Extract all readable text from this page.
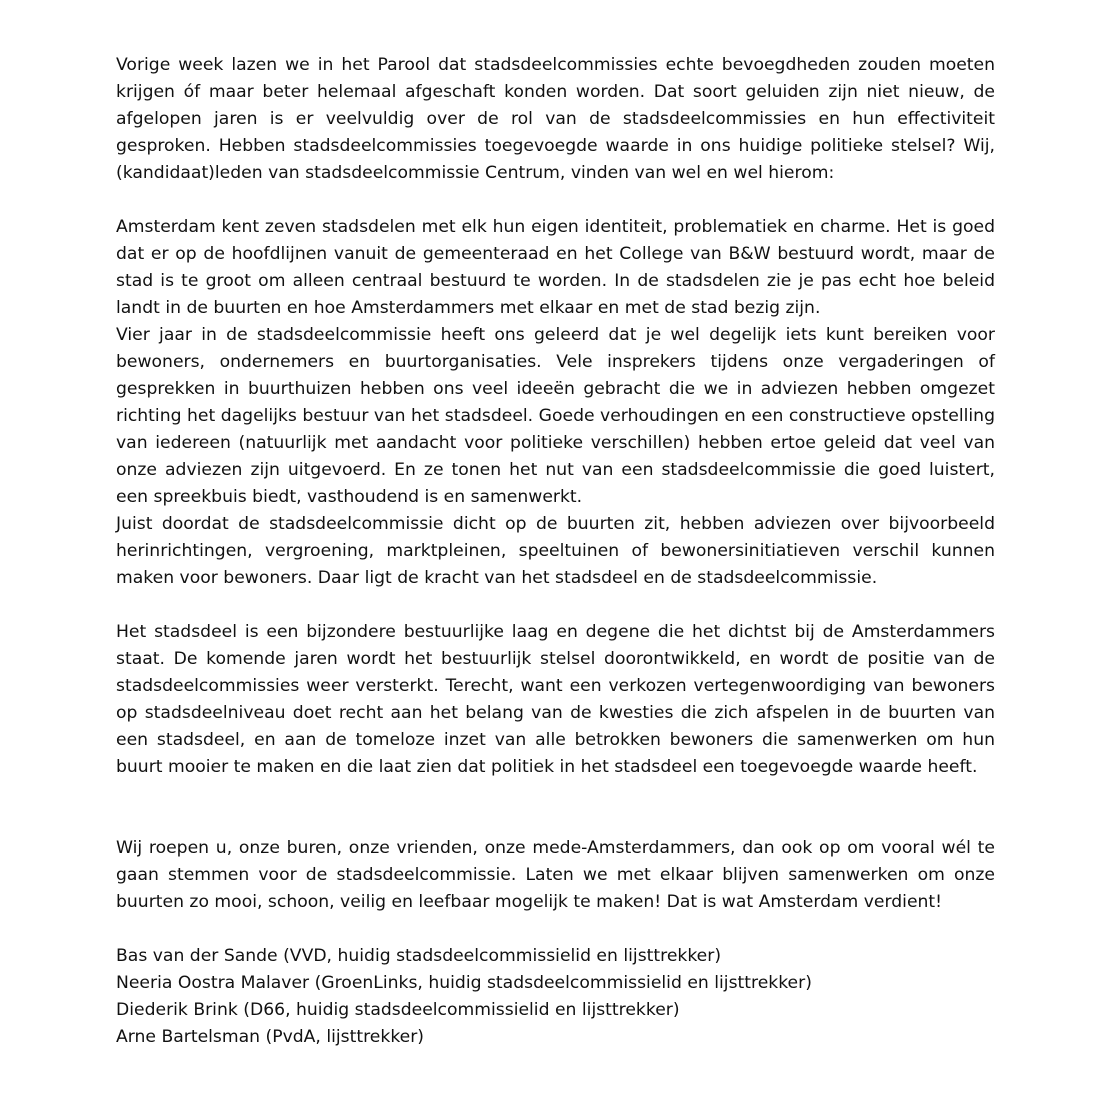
Vorige week lazen we in het Parool dat stadsdeelcommissies echte bevoegdheden zouden moeten krijgen óf maar beter helemaal afgeschaft konden worden. Dat soort geluiden zijn niet nieuw, de afgelopen jaren is er veelvuldig over de rol van de stadsdeelcommissies en hun effectiviteit gesproken. Hebben stadsdeelcommissies toegevoegde waarde in ons huidige politieke stelsel? Wij, (kandidaat)leden van stadsdeelcommissie Centrum, vinden van wel en wel hierom:

Amsterdam kent zeven stadsdelen met elk hun eigen identiteit, problematiek en charme. Het is goed dat er op de hoofdlijnen vanuit de gemeenteraad en het College van B&W bestuurd wordt, maar de stad is te groot om alleen centraal bestuurd te worden. In de stadsdelen zie je pas echt hoe beleid landt in de buurten en hoe Amsterdammers met elkaar en met de stad bezig zijn.

Vier jaar in de stadsdeelcommissie heeft ons geleerd dat je wel degelijk iets kunt bereiken voor bewoners, ondernemers en buurtorganisaties. Vele insprekers tijdens onze vergaderingen of gesprekken in buurthuizen hebben ons veel ideeën gebracht die we in adviezen hebben omgezet richting het dagelijks bestuur van het stadsdeel. Goede verhoudingen en een constructieve opstelling van iedereen (natuurlijk met aandacht voor politieke verschillen) hebben ertoe geleid dat veel van onze adviezen zijn uitgevoerd. En ze tonen het nut van een stadsdeelcommissie die goed luistert, een spreekbuis biedt, vasthoudend is en samenwerkt.

Juist doordat de stadsdeelcommissie dicht op de buurten zit, hebben adviezen over bijvoorbeeld herinrichtingen, vergroening, marktpleinen, speeltuinen of bewonersinitiatieven verschil kunnen maken voor bewoners. Daar ligt de kracht van het stadsdeel en de stadsdeelcommissie.

Het stadsdeel is een bijzondere bestuurlijke laag en degene die het dichtst bij de Amsterdammers staat. De komende jaren wordt het bestuurlijk stelsel doorontwikkeld, en wordt de positie van de stadsdeelcommissies weer versterkt. Terecht, want een verkozen vertegenwoordiging van bewoners op stadsdeelniveau doet recht aan het belang van de kwesties die zich afspelen in de buurten van een stadsdeel, en aan de tomeloze inzet van alle betrokken bewoners die samenwerken om hun buurt mooier te maken en die laat zien dat politiek in het stadsdeel een toegevoegde waarde heeft.

Wij roepen u, onze buren, onze vrienden, onze mede-Amsterdammers, dan ook op om vooral wél te gaan stemmen voor de stadsdeelcommissie. Laten we met elkaar blijven samenwerken om onze buurten zo mooi, schoon, veilig en leefbaar mogelijk te maken! Dat is wat Amsterdam verdient!

Bas van der Sande (VVD, huidig stadsdeelcommissielid en lijsttrekker)

Neeria Oostra Malaver (GroenLinks, huidig stadsdeelcommissielid en lijsttrekker)

Diederik Brink (D66, huidig stadsdeelcommissielid en lijsttrekker)

Arne Bartelsman (PvdA, lijsttrekker)
